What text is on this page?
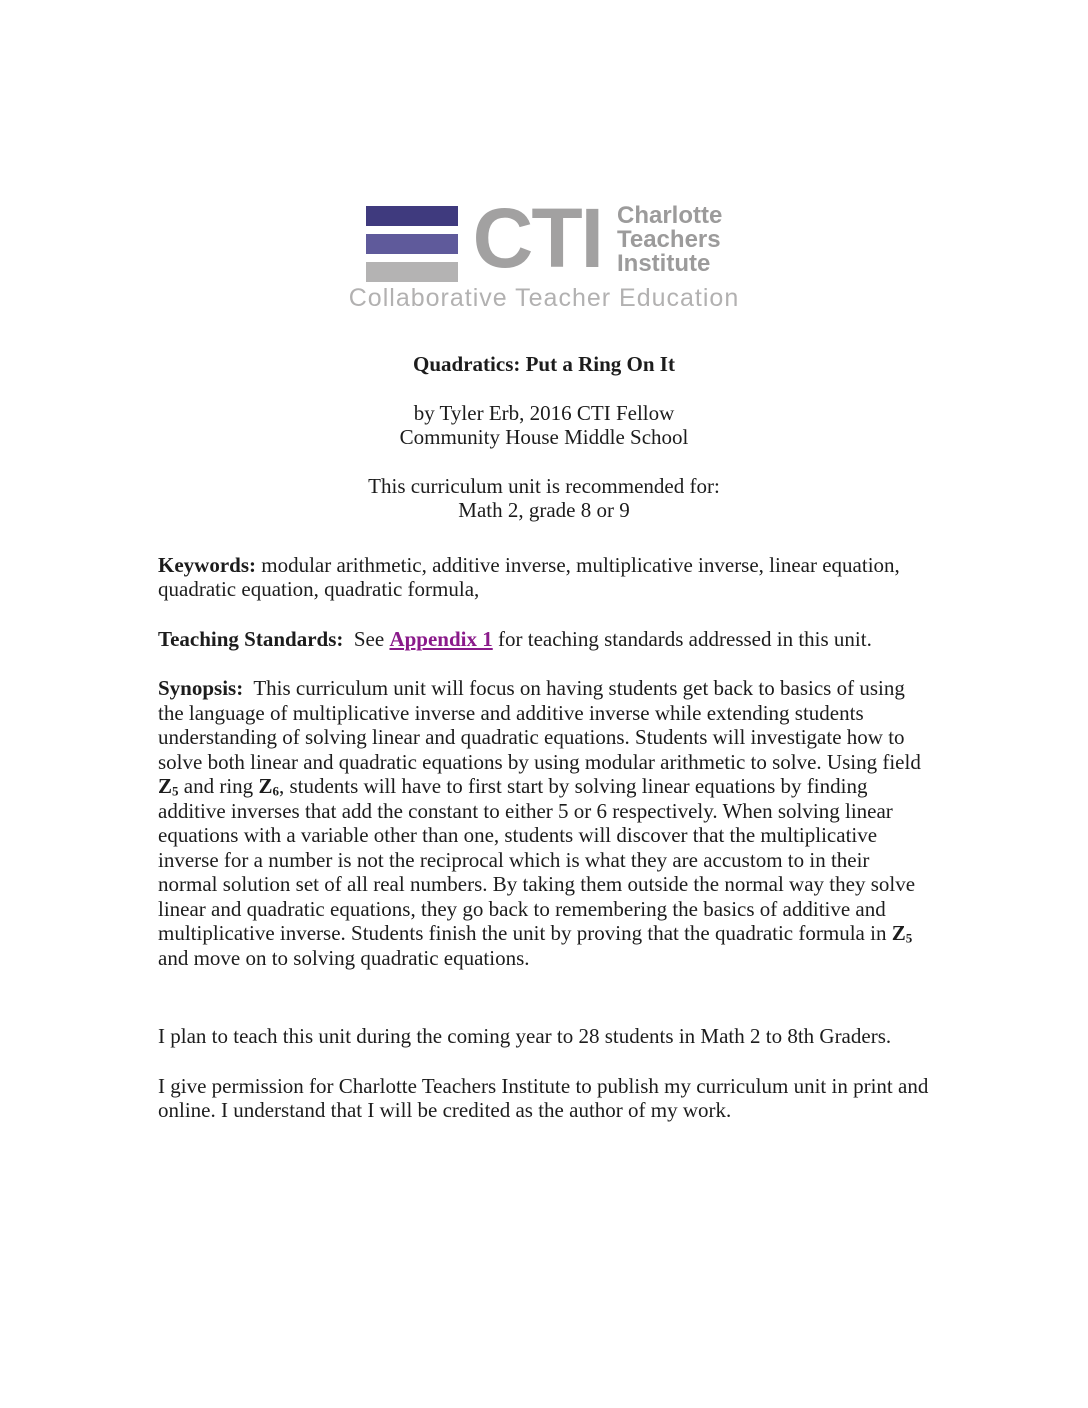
CTI Charlotte
Teachers
Institute
Collaborative Teacher Education
Quadratics: Put a Ring On It
by Tyler Erb, 2016 CTI Fellow
Community House Middle School
This curriculum unit is recommended for:
Math 2, grade 8 or 9

Keywords: modular arithmetic, additive inverse, multiplicative inverse, linear equation, quadratic equation, quadratic formula,

Teaching Standards:  See Appendix 1 for teaching standards addressed in this unit.

Synopsis:  This curriculum unit will focus on having students get back to basics of using the language of multiplicative inverse and additive inverse while extending students understanding of solving linear and quadratic equations. Students will investigate how to solve both linear and quadratic equations by using modular arithmetic to solve. Using field $Z_5$ and ring $Z_6$, students will have to first start by solving linear equations by finding additive inverses that add the constant to either 5 or 6 respectively. When solving linear equations with a variable other than one, students will discover that the multiplicative inverse for a number is not the reciprocal which is what they are accustom to in their normal solution set of all real numbers. By taking them outside the normal way they solve linear and quadratic equations, they go back to remembering the basics of additive and multiplicative inverse. Students finish the unit by proving that the quadratic formula in $Z_5$ and move on to solving quadratic equations.

I plan to teach this unit during the coming year to 28 students in Math 2 to 8th Graders.

I give permission for Charlotte Teachers Institute to publish my curriculum unit in print and online. I understand that I will be credited as the author of my work.
